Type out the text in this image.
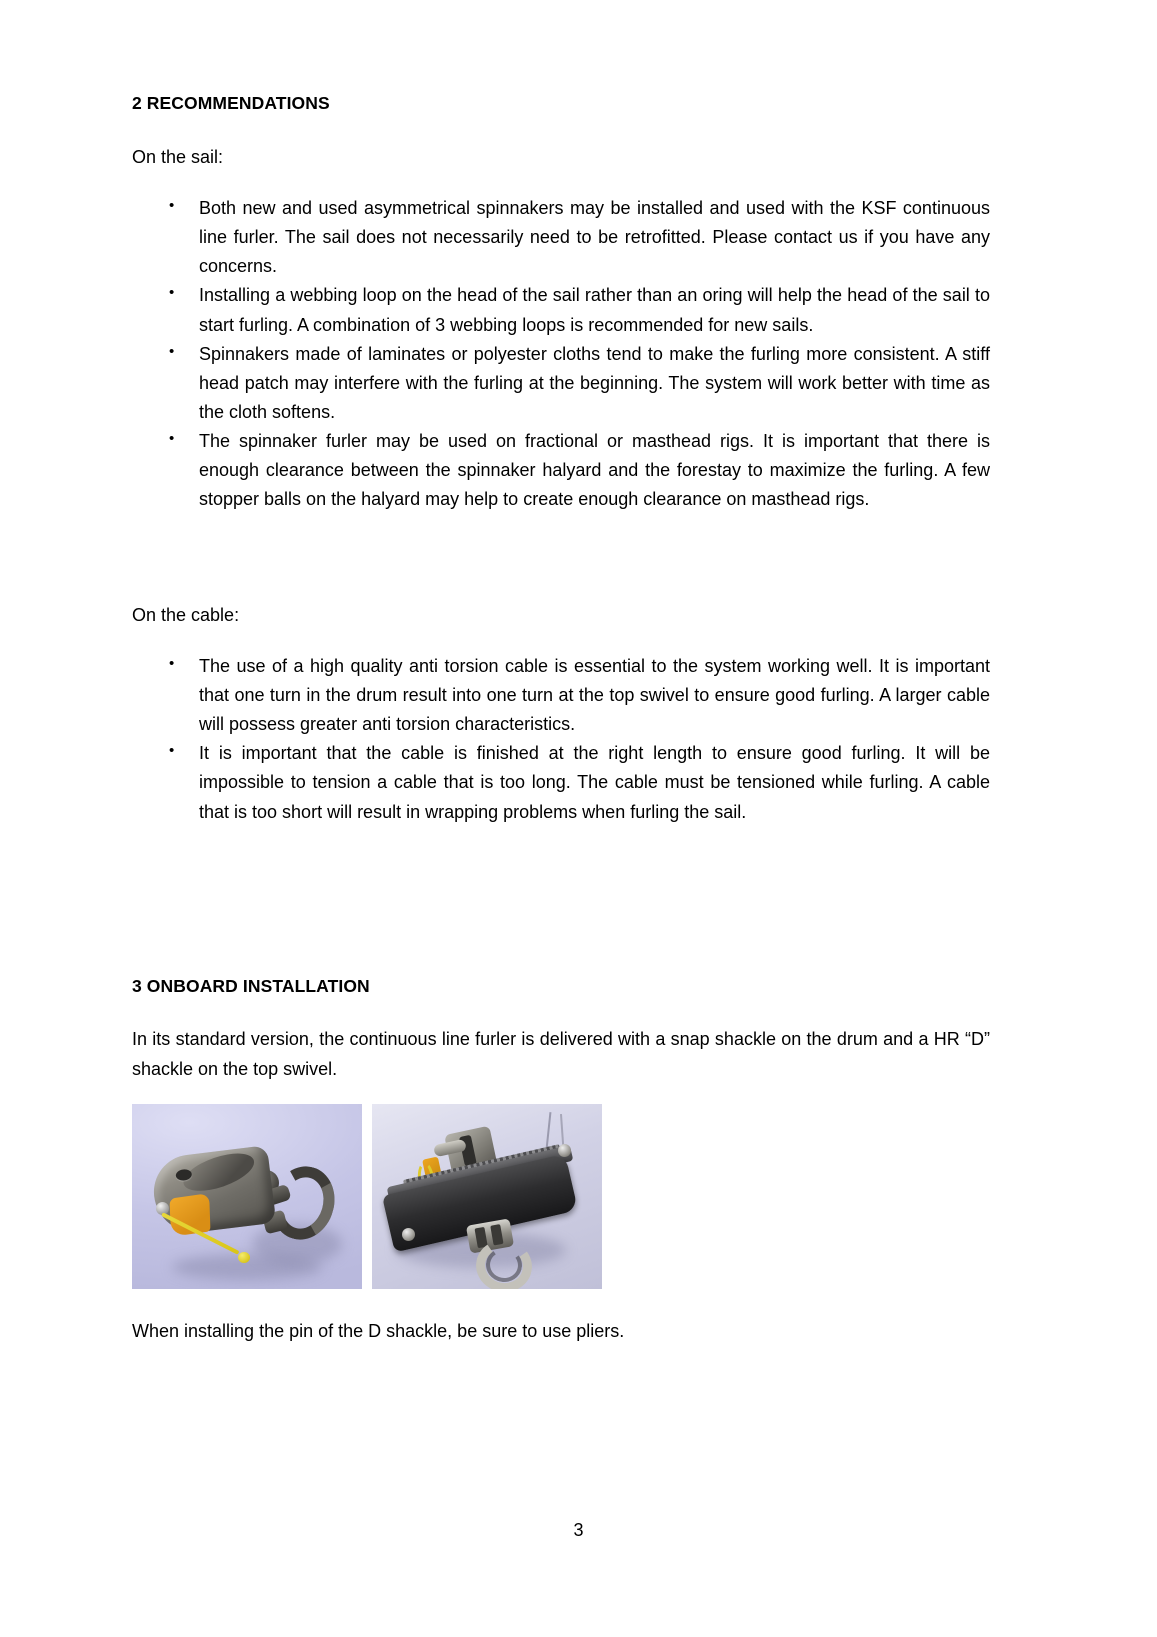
2 RECOMMENDATIONS

On the sail:

• Both new and used asymmetrical spinnakers may be installed and used with the KSF continuous line furler. The sail does not necessarily need to be retrofitted. Please contact us if you have any concerns.
• Installing a webbing loop on the head of the sail rather than an oring will help the head of the sail to start furling. A combination of 3 webbing loops is recommended for new sails.
• Spinnakers made of laminates or polyester cloths tend to make the furling more consistent. A stiff head patch may interfere with the furling at the beginning. The system will work better with time as the cloth softens.
• The spinnaker furler may be used on fractional or masthead rigs. It is important that there is enough clearance between the spinnaker halyard and the forestay to maximize the furling. A few stopper balls on the halyard may help to create enough clearance on masthead rigs.

On the cable:

• The use of a high quality anti torsion cable is essential to the system working well. It is important that one turn in the drum result into one turn at the top swivel to ensure good furling. A larger cable will possess greater anti torsion characteristics.
• It is important that the cable is finished at the right length to ensure good furling. It will be impossible to tension a cable that is too long. The cable must be tensioned while furling. A cable that is too short will result in wrapping problems when furling the sail.
3 ONBOARD INSTALLATION

In its standard version, the continuous line furler is delivered with a snap shackle on the drum and a HR “D” shackle on the top swivel.

When installing the pin of the D shackle, be sure to use pliers.

3
